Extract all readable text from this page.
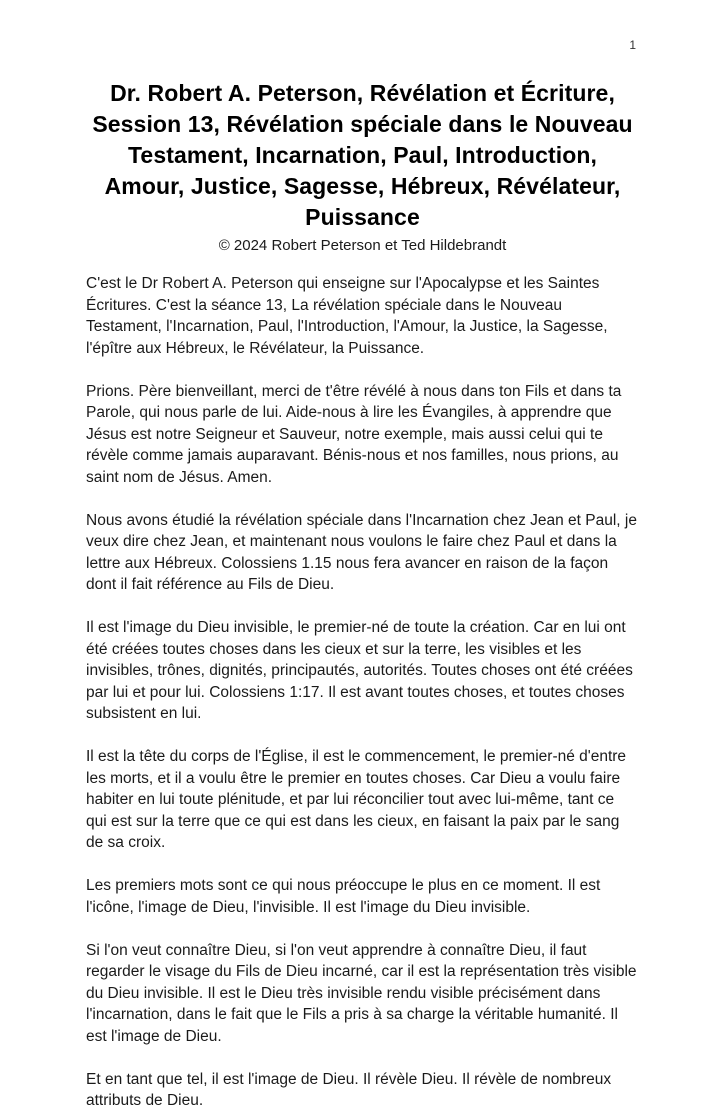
1
Dr. Robert A. Peterson, Révélation et Écriture, Session 13, Révélation spéciale dans le Nouveau Testament, Incarnation, Paul, Introduction, Amour, Justice, Sagesse, Hébreux, Révélateur, Puissance
© 2024 Robert Peterson et Ted Hildebrandt

C'est le Dr Robert A. Peterson qui enseigne sur l'Apocalypse et les Saintes Écritures. C'est la séance 13, La révélation spéciale dans le Nouveau Testament, l'Incarnation, Paul, l'Introduction, l'Amour, la Justice, la Sagesse, l'épître aux Hébreux, le Révélateur, la Puissance.

Prions. Père bienveillant, merci de t'être révélé à nous dans ton Fils et dans ta Parole, qui nous parle de lui. Aide-nous à lire les Évangiles, à apprendre que Jésus est notre Seigneur et Sauveur, notre exemple, mais aussi celui qui te révèle comme jamais auparavant. Bénis-nous et nos familles, nous prions, au saint nom de Jésus. Amen.

Nous avons étudié la révélation spéciale dans l'Incarnation chez Jean et Paul, je veux dire chez Jean, et maintenant nous voulons le faire chez Paul et dans la lettre aux Hébreux. Colossiens 1.15 nous fera avancer en raison de la façon dont il fait référence au Fils de Dieu.

Il est l'image du Dieu invisible, le premier-né de toute la création. Car en lui ont été créées toutes choses dans les cieux et sur la terre, les visibles et les invisibles, trônes, dignités, principautés, autorités. Toutes choses ont été créées par lui et pour lui. Colossiens 1:17. Il est avant toutes choses, et toutes choses subsistent en lui.

Il est la tête du corps de l'Église, il est le commencement, le premier-né d'entre les morts, et il a voulu être le premier en toutes choses. Car Dieu a voulu faire habiter en lui toute plénitude, et par lui réconcilier tout avec lui-même, tant ce qui est sur la terre que ce qui est dans les cieux, en faisant la paix par le sang de sa croix.

Les premiers mots sont ce qui nous préoccupe le plus en ce moment. Il est l'icône, l'image de Dieu, l'invisible. Il est l'image du Dieu invisible.

Si l'on veut connaître Dieu, si l'on veut apprendre à connaître Dieu, il faut regarder le visage du Fils de Dieu incarné, car il est la représentation très visible du Dieu invisible. Il est le Dieu très invisible rendu visible précisément dans l'incarnation, dans le fait que le Fils a pris à sa charge la véritable humanité. Il est l'image de Dieu.

Et en tant que tel, il est l'image de Dieu. Il révèle Dieu. Il révèle de nombreux attributs de Dieu.
